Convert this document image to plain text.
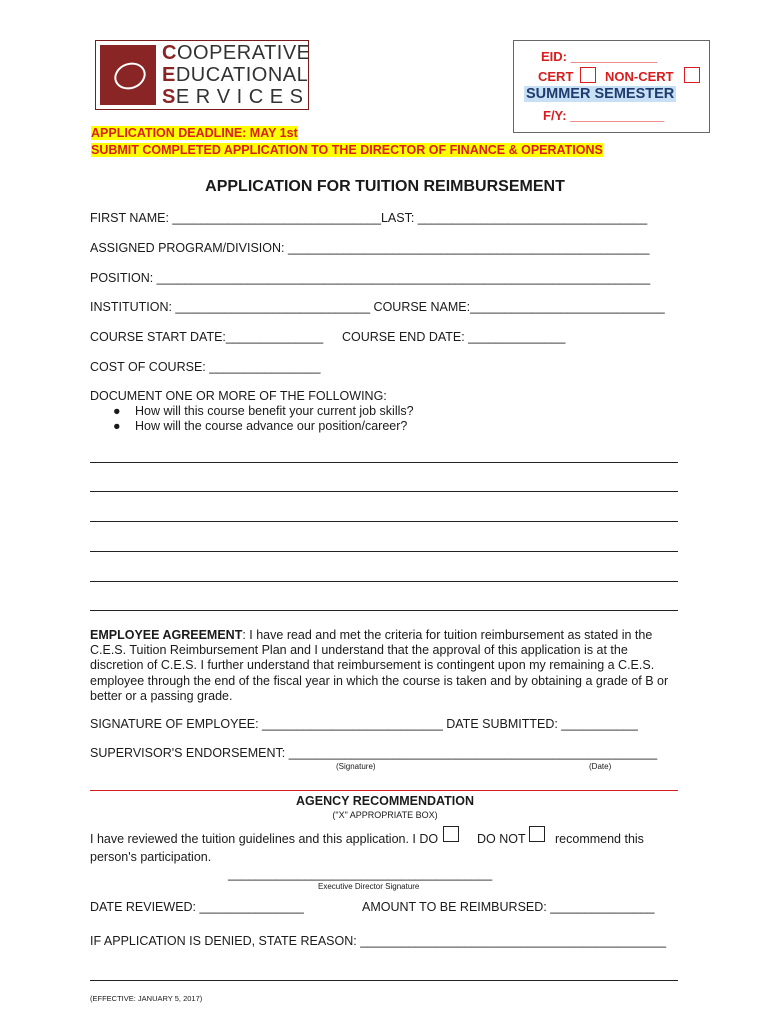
COOPERATIVE
EDUCATIONAL
SE R V I C E S
EID: ____________
CERT NON-CERT
SUMMER SEMESTER
F/Y: _____________
APPLICATION DEADLINE: MAY 1st
SUBMIT COMPLETED APPLICATION TO THE DIRECTOR OF FINANCE & OPERATIONS
APPLICATION FOR TUITION REIMBURSEMENT
FIRST NAME: ______________________________LAST: _________________________________
ASSIGNED PROGRAM/DIVISION: ____________________________________________________
POSITION: _______________________________________________________________________
INSTITUTION: ____________________________ COURSE NAME:____________________________
COURSE START DATE:______________ COURSE END DATE: ______________
COST OF COURSE: ________________
DOCUMENT ONE OR MORE OF THE FOLLOWING:
● How will this course benefit your current job skills?
● How will the course advance our position/career?
EMPLOYEE AGREEMENT: I have read and met the criteria for tuition reimbursement as stated in the C.E.S. Tuition Reimbursement Plan and I understand that the approval of this application is at the discretion of C.E.S. I further understand that reimbursement is contingent upon my remaining a C.E.S. employee through the end of the fiscal year in which the course is taken and by obtaining a grade of B or better or a passing grade.
SIGNATURE OF EMPLOYEE: __________________________ DATE SUBMITTED: ___________
SUPERVISOR'S ENDORSEMENT: _____________________________________________________
(Signature)	(Date)
AGENCY RECOMMENDATION
("X" APPROPRIATE BOX)
I have reviewed the tuition guidelines and this application. I DO	DO NOT recommend this
person's participation.
______________________________________
Executive Director Signature
DATE REVIEWED: _______________	AMOUNT TO BE REIMBURSED: _______________
IF APPLICATION IS DENIED, STATE REASON: ____________________________________________
(EFFECTIVE: JANUARY 5, 2017)
